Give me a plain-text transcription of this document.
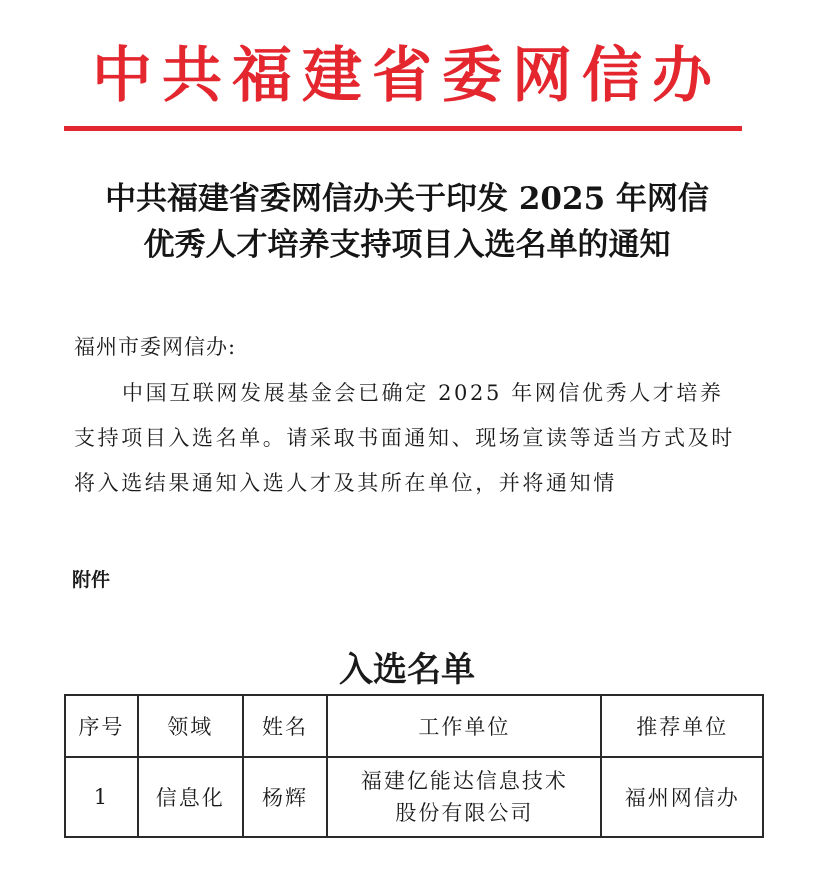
中共福建省委网信办
中共福建省委网信办关于印发 2025 年网信
优秀人才培养支持项目入选名单的通知
福州市委网信办:
中国互联网发展基金会已确定 2025 年网信优秀人才培养支持项目入选名单。请采取书面通知、现场宣读等适当方式及时将入选结果通知入选人才及其所在单位，并将通知情
附件
入选名单
序号	领域	姓名	工作单位	推荐单位
1	信息化	杨辉	福建亿能达信息技术
股份有限公司	福州网信办
